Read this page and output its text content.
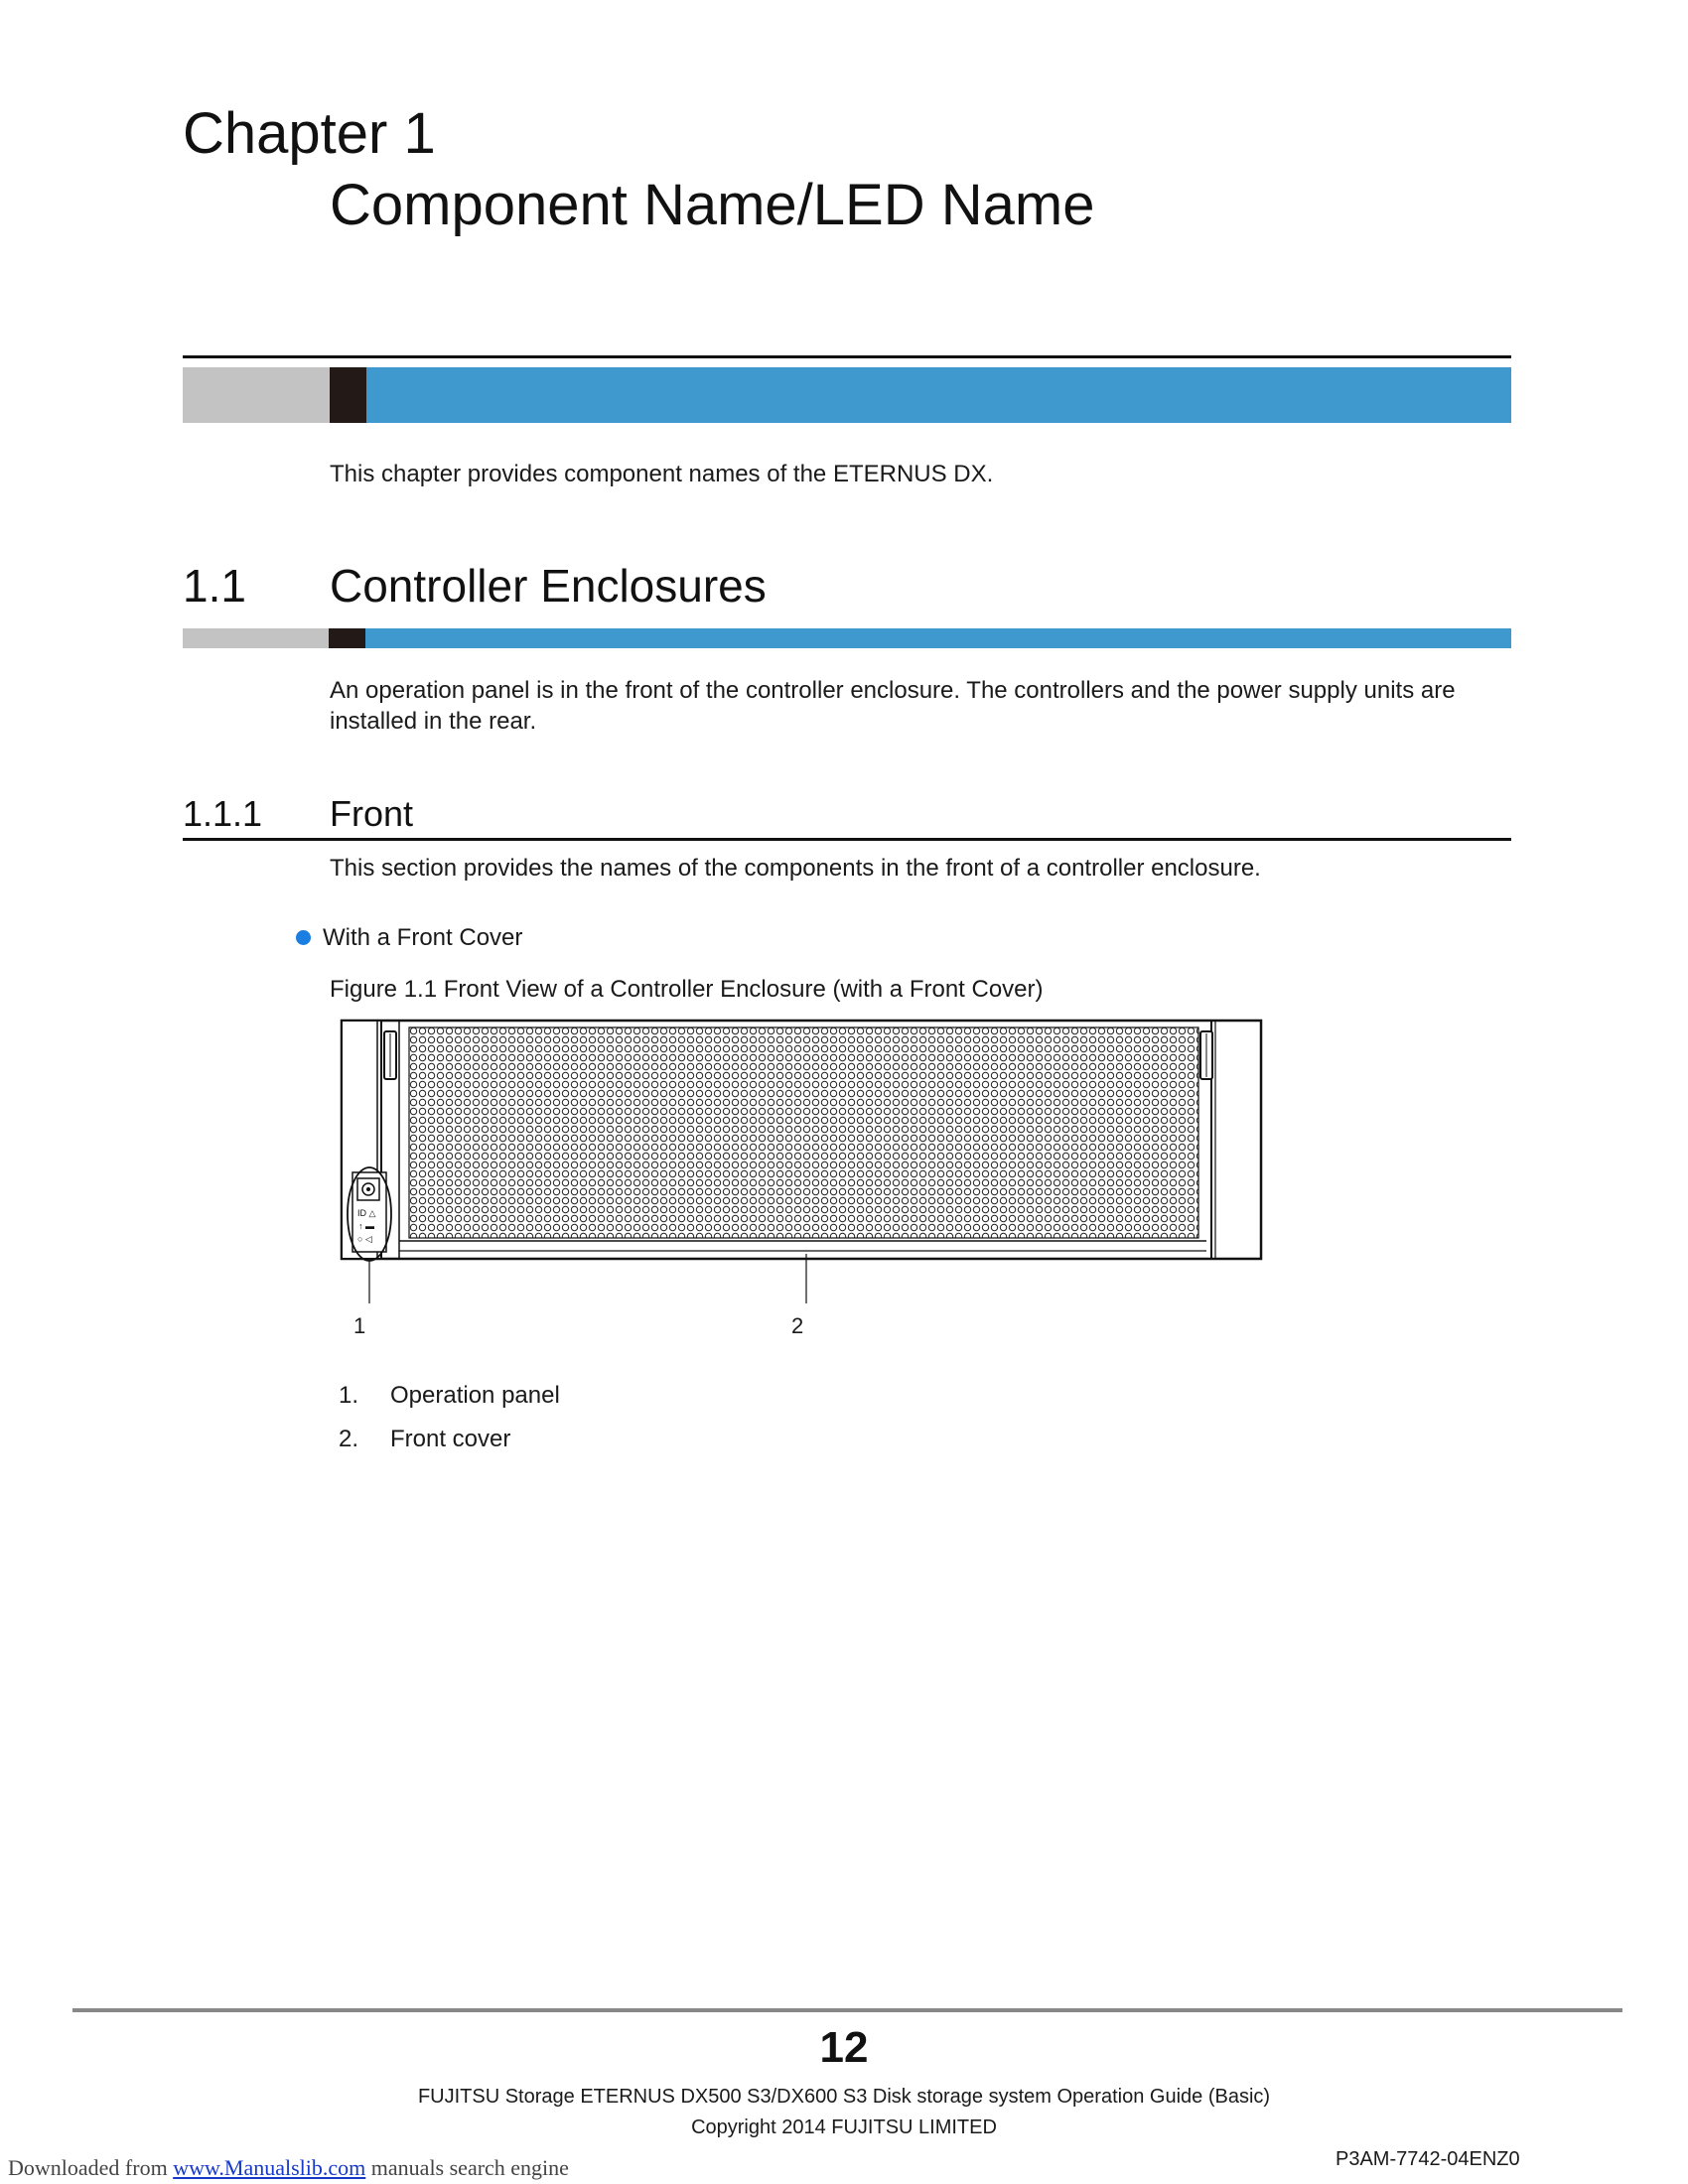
Chapter 1
Component Name/LED Name
This chapter provides component names of the ETERNUS DX.
1.1 Controller Enclosures
An operation panel is in the front of the controller enclosure. The controllers and the power supply units are installed in the rear.
1.1.1 Front
This section provides the names of the components in the front of a controller enclosure.
With a Front Cover
Figure 1.1 Front View of a Controller Enclosure (with a Front Cover)
ID △
↑ ▬
○ ◁
1	2
1. Operation panel
2. Front cover
12
FUJITSU Storage ETERNUS DX500 S3/DX600 S3 Disk storage system Operation Guide (Basic)
Copyright 2014 FUJITSU LIMITED
P3AM-7742-04ENZ0
Downloaded from www.Manualslib.com manuals search engine
